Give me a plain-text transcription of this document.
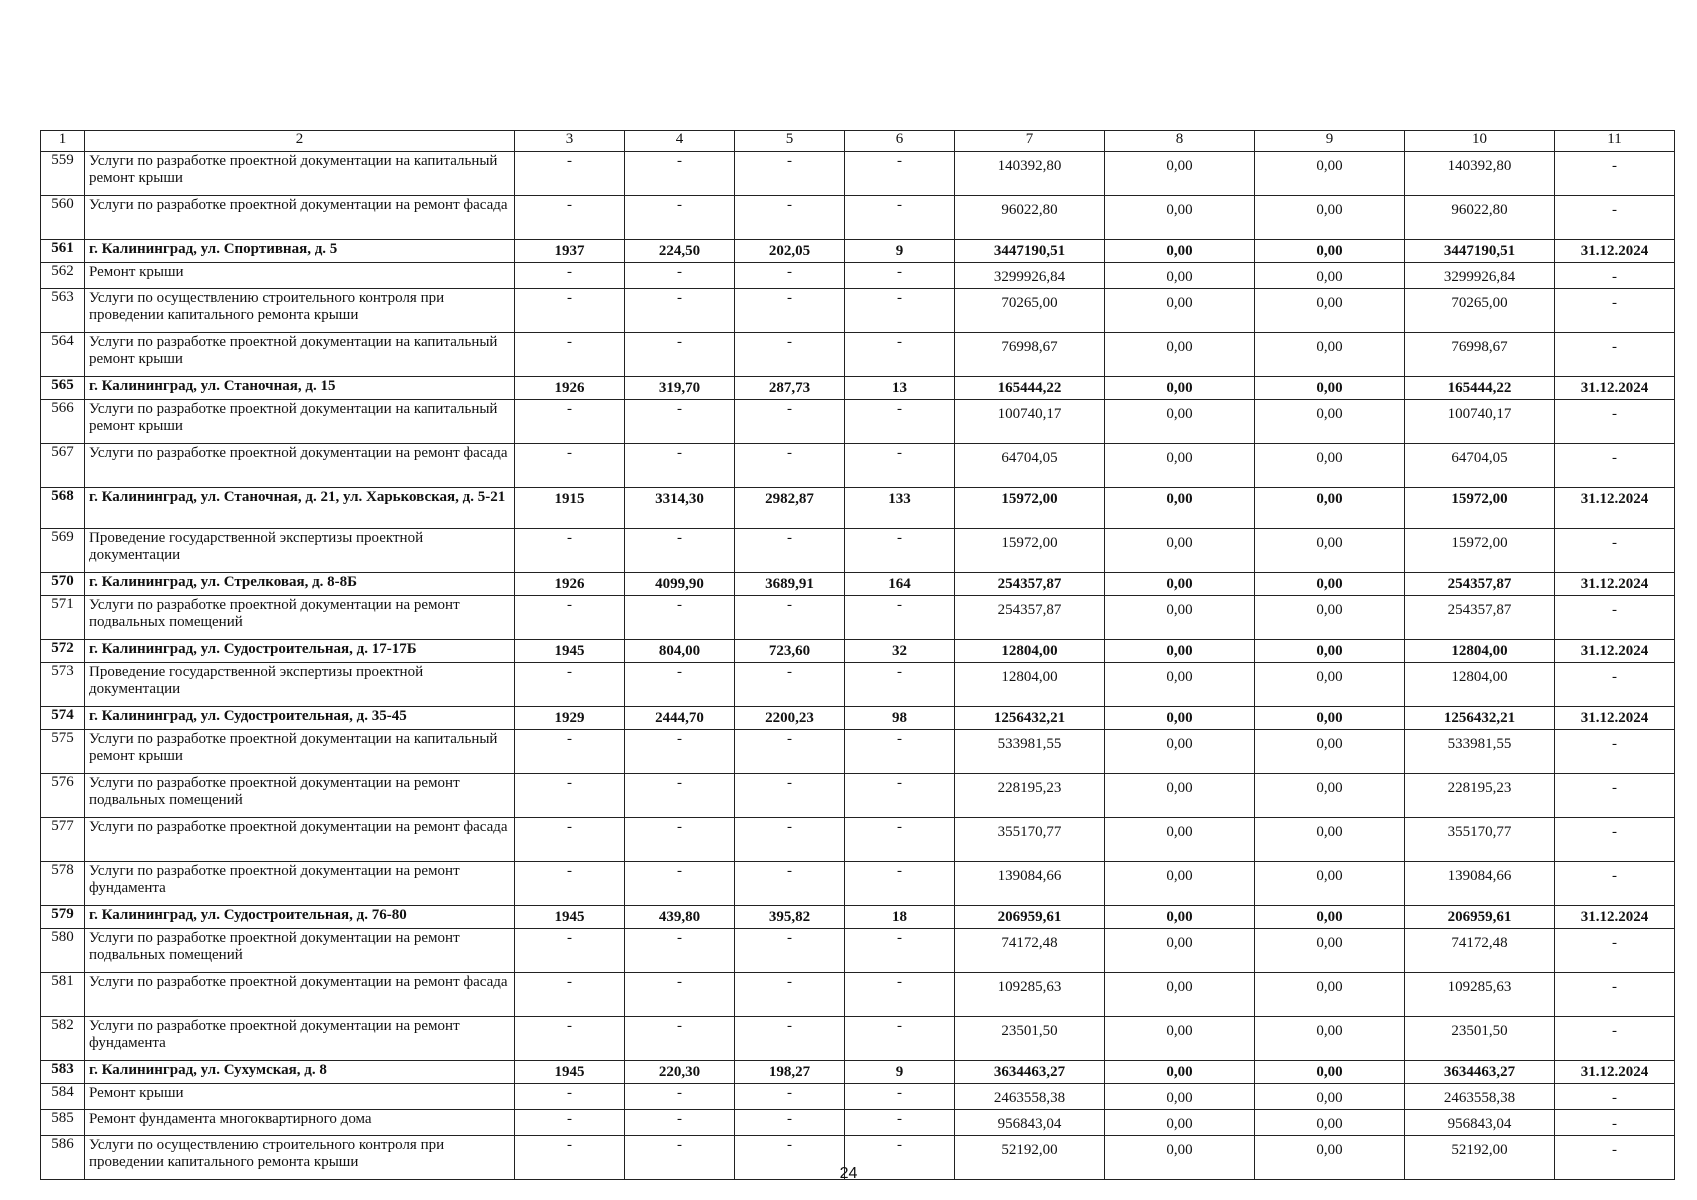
1	2	3	4	5	6	7	8	9	10	11
559	Услуги по разработке проектной документации на капитальный ремонт крыши	-	-	-	-	140392,80	0,00	0,00	140392,80	-
560	Услуги по разработке проектной документации на ремонт фасада	-	-	-	-	96022,80	0,00	0,00	96022,80	-
561	г. Калининград, ул. Спортивная, д. 5	1937	224,50	202,05	9	3447190,51	0,00	0,00	3447190,51	31.12.2024
562	Ремонт крыши	-	-	-	-	3299926,84	0,00	0,00	3299926,84	-
563	Услуги по осуществлению строительного контроля при проведении капитального ремонта крыши	-	-	-	-	70265,00	0,00	0,00	70265,00	-
564	Услуги по разработке проектной документации на капитальный ремонт крыши	-	-	-	-	76998,67	0,00	0,00	76998,67	-
565	г. Калининград, ул. Станочная, д. 15	1926	319,70	287,73	13	165444,22	0,00	0,00	165444,22	31.12.2024
566	Услуги по разработке проектной документации на капитальный ремонт крыши	-	-	-	-	100740,17	0,00	0,00	100740,17	-
567	Услуги по разработке проектной документации на ремонт фасада	-	-	-	-	64704,05	0,00	0,00	64704,05	-
568	г. Калининград, ул. Станочная, д. 21, ул. Харьковская, д. 5-21	1915	3314,30	2982,87	133	15972,00	0,00	0,00	15972,00	31.12.2024
569	Проведение государственной экспертизы проектной документации	-	-	-	-	15972,00	0,00	0,00	15972,00	-
570	г. Калининград, ул. Стрелковая, д. 8-8Б	1926	4099,90	3689,91	164	254357,87	0,00	0,00	254357,87	31.12.2024
571	Услуги по разработке проектной документации на ремонт подвальных помещений	-	-	-	-	254357,87	0,00	0,00	254357,87	-
572	г. Калининград, ул. Судостроительная, д. 17-17Б	1945	804,00	723,60	32	12804,00	0,00	0,00	12804,00	31.12.2024
573	Проведение государственной экспертизы проектной документации	-	-	-	-	12804,00	0,00	0,00	12804,00	-
574	г. Калининград, ул. Судостроительная, д. 35-45	1929	2444,70	2200,23	98	1256432,21	0,00	0,00	1256432,21	31.12.2024
575	Услуги по разработке проектной документации на капитальный ремонт крыши	-	-	-	-	533981,55	0,00	0,00	533981,55	-
576	Услуги по разработке проектной документации на ремонт подвальных помещений	-	-	-	-	228195,23	0,00	0,00	228195,23	-
577	Услуги по разработке проектной документации на ремонт фасада	-	-	-	-	355170,77	0,00	0,00	355170,77	-
578	Услуги по разработке проектной документации на ремонт фундамента	-	-	-	-	139084,66	0,00	0,00	139084,66	-
579	г. Калининград, ул. Судостроительная, д. 76-80	1945	439,80	395,82	18	206959,61	0,00	0,00	206959,61	31.12.2024
580	Услуги по разработке проектной документации на ремонт подвальных помещений	-	-	-	-	74172,48	0,00	0,00	74172,48	-
581	Услуги по разработке проектной документации на ремонт фасада	-	-	-	-	109285,63	0,00	0,00	109285,63	-
582	Услуги по разработке проектной документации на ремонт фундамента	-	-	-	-	23501,50	0,00	0,00	23501,50	-
583	г. Калининград, ул. Сухумская, д. 8	1945	220,30	198,27	9	3634463,27	0,00	0,00	3634463,27	31.12.2024
584	Ремонт крыши	-	-	-	-	2463558,38	0,00	0,00	2463558,38	-
585	Ремонт фундамента многоквартирного дома	-	-	-	-	956843,04	0,00	0,00	956843,04	-
586	Услуги по осуществлению строительного контроля при проведении капитального ремонта крыши	-	-	-	-	52192,00	0,00	0,00	52192,00	-
24
